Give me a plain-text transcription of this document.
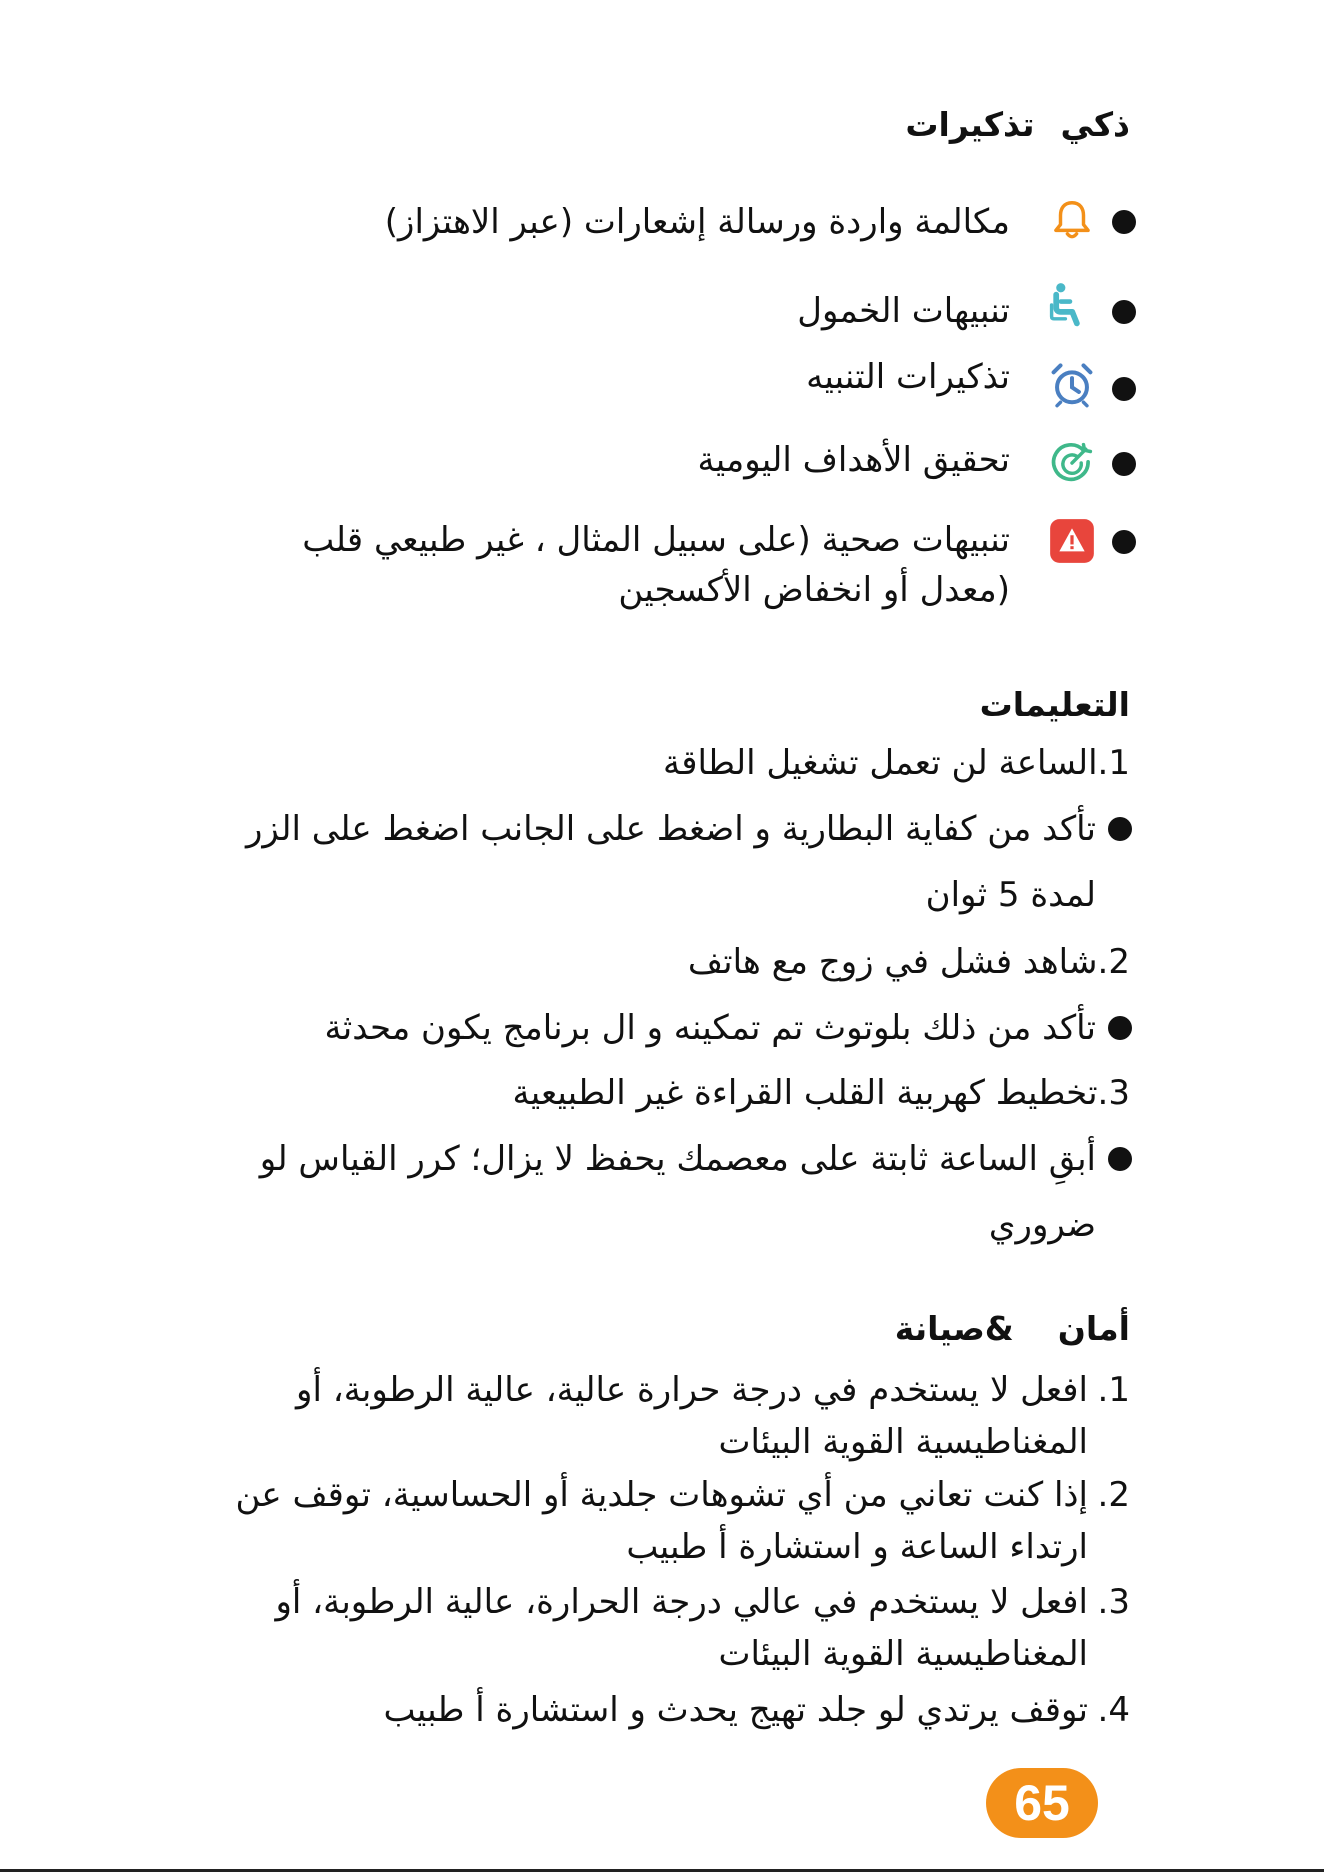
ذكيتذكيرات
مكالمة واردة ورسالة إشعارات (عبر الاهتزاز)
تنبيهات الخمول
تذكيرات التنبيه
تحقيق الأهداف اليومية
تنبيهات صحية (على سبيل المثال ، غير طبيعي قلب
(معدل أو انخفاض الأكسجين
التعليمات
1.الساعة لن تعمل تشغيل الطاقة
تأكد من كفاية البطارية و اضغط على الجانب اضغط على الزر
لمدة 5 ثوان
2.شاهد فشل في زوج مع هاتف
تأكد من ذلك بلوتوث تم تمكينه و ال برنامج يكون محدثة
3.تخطيط كهربية القلب القراءة غير الطبيعية
أبقِ الساعة ثابتة على معصمك يحفظ لا يزال؛ كرر القياس لو
ضروري
أمان&صيانة
1.
افعل لا يستخدم في درجة حرارة عالية، عالية الرطوبة، أو
المغناطيسية القوية البيئات
2.
إذا كنت تعاني من أي تشوهات جلدية أو الحساسية، توقف عن
ارتداء الساعة و استشارة أ طبيب
3.
افعل لا يستخدم في عالي درجة الحرارة، عالية الرطوبة، أو
المغناطيسية القوية البيئات
4.
توقف يرتدي لو جلد تهيج يحدث و استشارة أ طبيب
65
